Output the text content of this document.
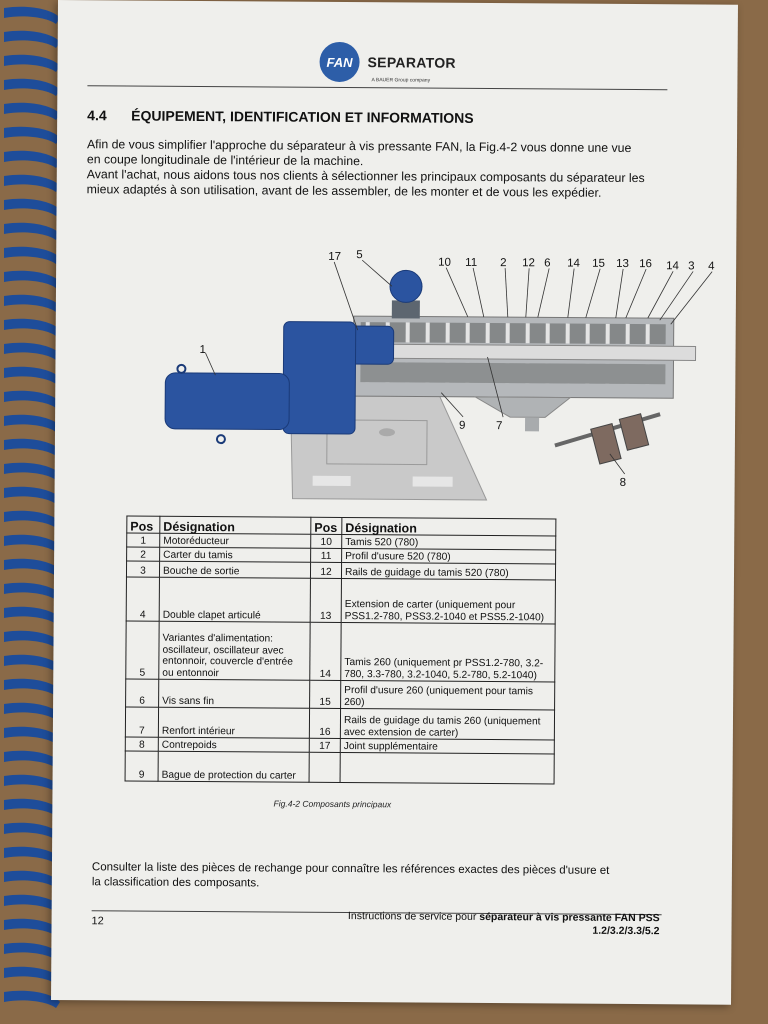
FAN	SEPARATOR
A BAUER Group company
4.4 ÉQUIPEMENT, IDENTIFICATION ET INFORMATIONS

Afin de vous simplifier l'approche du séparateur à vis pressante FAN, la Fig.4-2 vous donne une vue
en coupe longitudinale de l'intérieur de la machine.
Avant l'achat, nous aidons tous nos clients à sélectionner les principaux composants du séparateur les
mieux adaptés à son utilisation, avant de les assembler, de les monter et de vous les expédier.

17 5
10 11 2 12 6 14 15 13 16 14 3 4
1
9	7
8
Pos	Désignation	Pos	Désignation
1	Motoréducteur	10	Tamis 520 (780)
2	Carter du tamis	11	Profil d'usure 520 (780)
3	Bouche de sortie	12	Rails de guidage du tamis 520 (780)
4	Double clapet articulé	13	Extension de carter (uniquement pour PSS1.2-780, PSS3.2-1040 et PSS5.2-1040)
5	Variantes d'alimentation: oscillateur, oscillateur avec entonnoir, couvercle d'entrée ou entonnoir	14	Tamis 260 (uniquement pr PSS1.2-780, 3.2-780, 3.3-780, 3.2-1040, 5.2-780, 5.2-1040)
6	Vis sans fin	15	Profil d'usure 260 (uniquement pour tamis 260)
7	Renfort intérieur	16	Rails de guidage du tamis 260 (uniquement avec extension de carter)
8	Contrepoids	17	Joint supplémentaire
9	Bague de protection du carter		
Fig.4-2 Composants principaux

Consulter la liste des pièces de rechange pour connaître les références exactes des pièces d'usure et
la classification des composants.

12	Instructions de service pour séparateur à vis pressante FAN PSS
1.2/3.2/3.3/5.2
